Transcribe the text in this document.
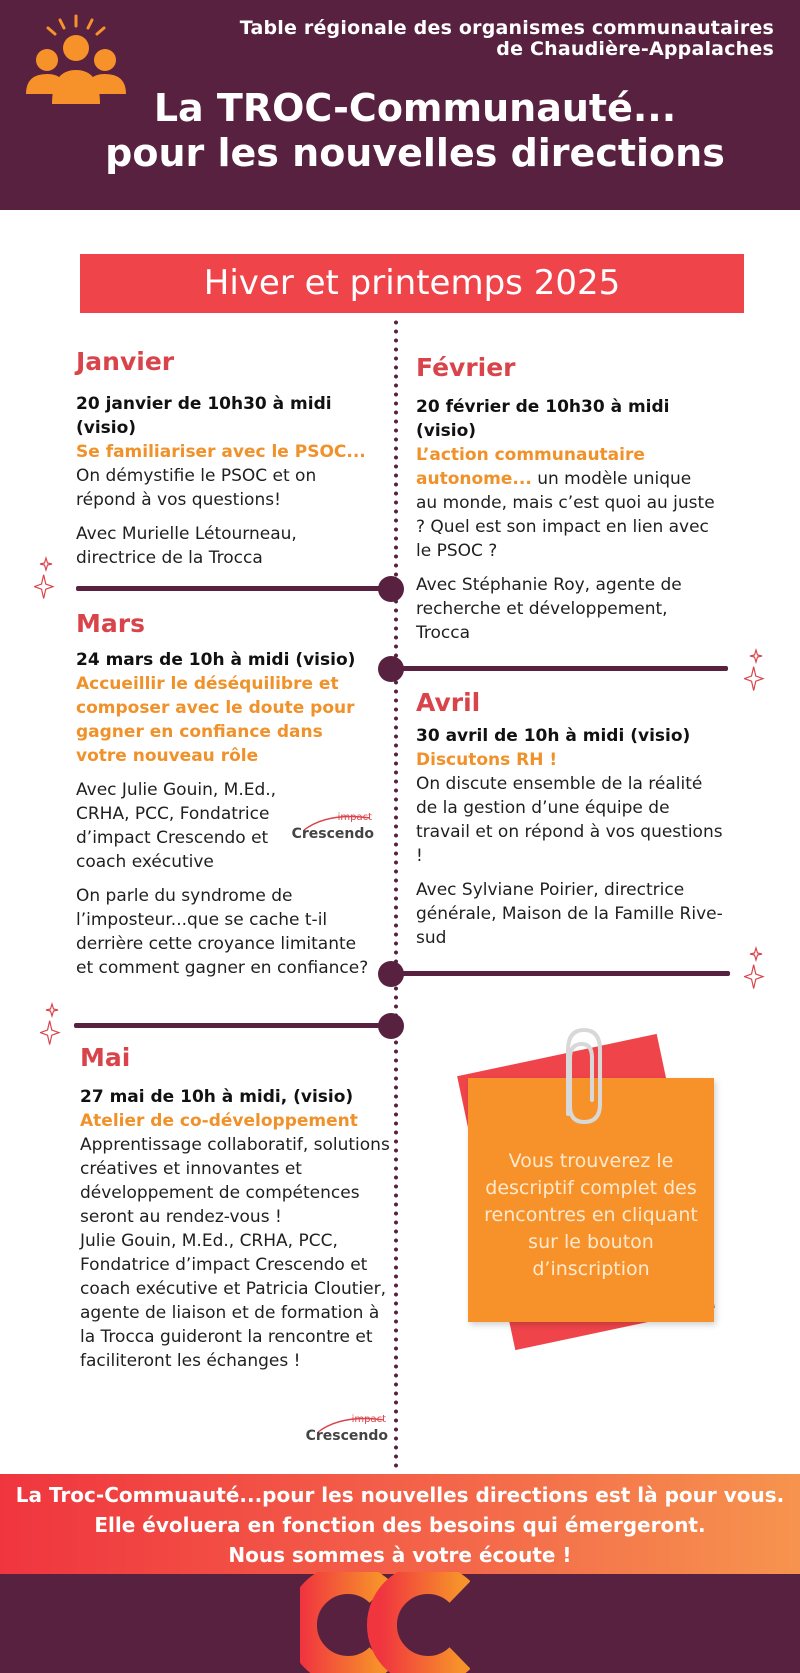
Table régionale des organismes communautaires
de Chaudière-Appalaches
La TROC-Communauté...
pour les nouvelles directions
Hiver et printemps 2025
Janvier
20 janvier de 10h30 à midi (visio)
Se familiariser avec le PSOC...

On démystifie le PSOC et on répond à vos questions!

Avec Murielle Létourneau, directrice de la Trocca

Février
20 février de 10h30 à midi (visio)

L’action communautaire autonome... un modèle unique au monde, mais c’est quoi au juste ? Quel est son impact en lien avec le PSOC ?

Avec Stéphanie Roy, agente de recherche et développement, Trocca

Mars
24 mars de 10h à midi (visio)

Accueillir le déséquilibre et composer avec le doute pour gagner en confiance dans votre nouveau rôle

Avec Julie Gouin, M.Ed., CRHA, PCC, Fondatrice d’impact Crescendo et coach exécutive

On parle du syndrome de l’imposteur...que se cache t-il derrière cette croyance limitante et comment gagner en confiance?

impact
Crescendo
Avril
30 avril de 10h à midi (visio)
Discutons RH !

On discute ensemble de la réalité de la gestion d’une équipe de travail et on répond à vos questions !

Avec Sylviane Poirier, directrice générale, Maison de la Famille Rive-sud

Mai
27 mai de 10h à midi, (visio)
Atelier de co-développement

Apprentissage collaboratif, solutions créatives et innovantes et développement de compétences seront au rendez-vous !

Julie Gouin, M.Ed., CRHA, PCC, Fondatrice d’impact Crescendo et coach exécutive et Patricia Cloutier, agente de liaison et de formation à la Trocca guideront la rencontre et faciliteront les échanges !

impact
Crescendo
Vous trouverez le descriptif complet des rencontres en cliquant sur le bouton d’inscription
La Troc-Commuauté...pour les nouvelles directions est là pour vous.
Elle évoluera en fonction des besoins qui émergeront.
Nous sommes à votre écoute !
